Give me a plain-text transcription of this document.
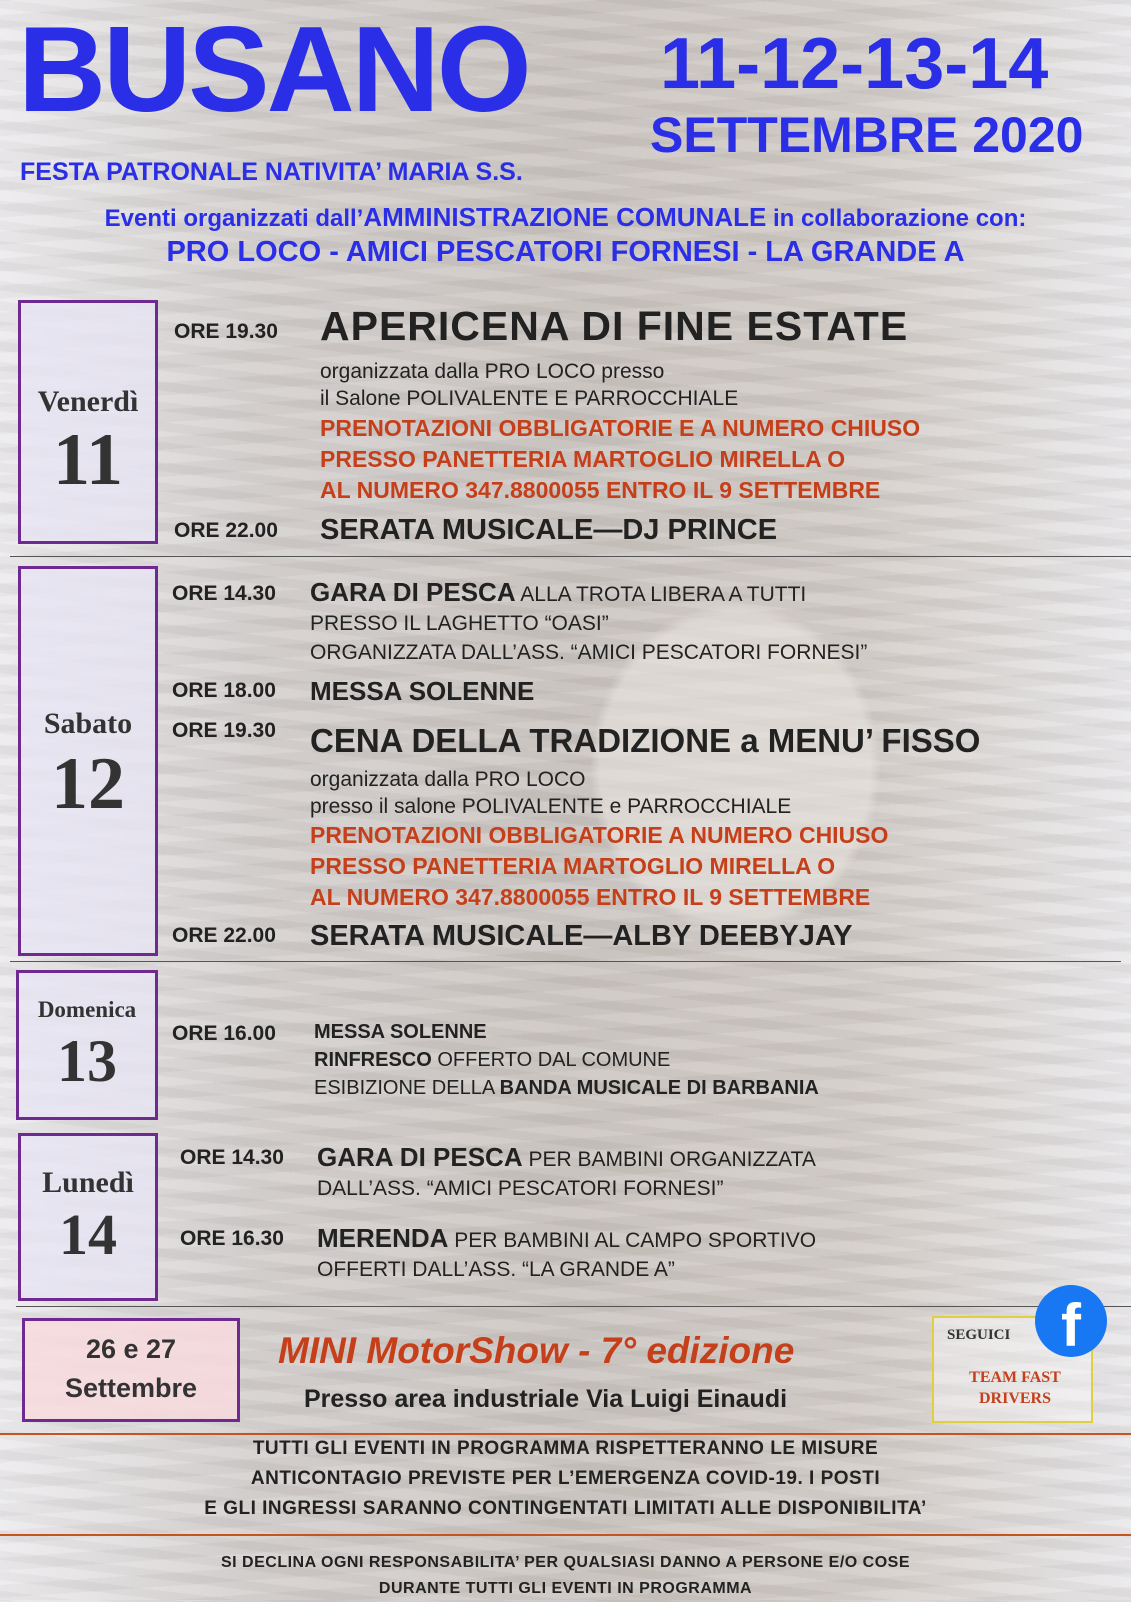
BUSANO 11-12-13-14
SETTEMBRE 2020
FESTA PATRONALE NATIVITA’ MARIA S.S.
Eventi organizzati dall’AMMINISTRAZIONE COMUNALE in collaborazione con:
PRO LOCO - AMICI PESCATORI FORNESI - LA GRANDE A
Venerdì
11
ORE 19.30 APERICENA DI FINE ESTATE
organizzata dalla PRO LOCO presso
il Salone POLIVALENTE E PARROCCHIALE
PRENOTAZIONI OBBLIGATORIE E A NUMERO CHIUSO
PRESSO PANETTERIA MARTOGLIO MIRELLA O
AL NUMERO 347.8800055 ENTRO IL 9 SETTEMBRE
ORE 22.00 SERATA MUSICALE—DJ PRINCE
Sabato
12
ORE 14.30 GARA DI PESCA ALLA TROTA LIBERA A TUTTI
PRESSO IL LAGHETTO “OASI”
ORGANIZZATA DALL’ASS. “AMICI PESCATORI FORNESI”
ORE 18.00 MESSA SOLENNE
ORE 19.30 CENA DELLA TRADIZIONE a MENU’ FISSO
organizzata dalla PRO LOCO
presso il salone POLIVALENTE e PARROCCHIALE
PRENOTAZIONI OBBLIGATORIE A NUMERO CHIUSO
PRESSO PANETTERIA MARTOGLIO MIRELLA O
AL NUMERO 347.8800055 ENTRO IL 9 SETTEMBRE
ORE 22.00 SERATA MUSICALE—ALBY DEEBYJAY
Domenica
13	ORE 16.00 MESSA SOLENNE
RINFRESCO OFFERTO DAL COMUNE
ESIBIZIONE DELLA BANDA MUSICALE DI BARBANIA
Lunedì
14
ORE 14.30 GARA DI PESCA PER BAMBINI ORGANIZZATA
DALL’ASS. “AMICI PESCATORI FORNESI”
ORE 16.30 MERENDA PER BAMBINI AL CAMPO SPORTIVO
OFFERTI DALL’ASS. “LA GRANDE A”
26 e 27
Settembre
MINI MotorShow - 7° edizione
Presso area industriale Via Luigi Einaudi
f
SEGUICI
TEAM FAST
DRIVERS
TUTTI GLI EVENTI IN PROGRAMMA RISPETTERANNO LE MISURE
ANTICONTAGIO PREVISTE PER L’EMERGENZA COVID-19. I POSTI
E GLI INGRESSI SARANNO CONTINGENTATI LIMITATI ALLE DISPONIBILITA’
SI DECLINA OGNI RESPONSABILITA’ PER QUALSIASI DANNO A PERSONE E/O COSE
DURANTE TUTTI GLI EVENTI IN PROGRAMMA
